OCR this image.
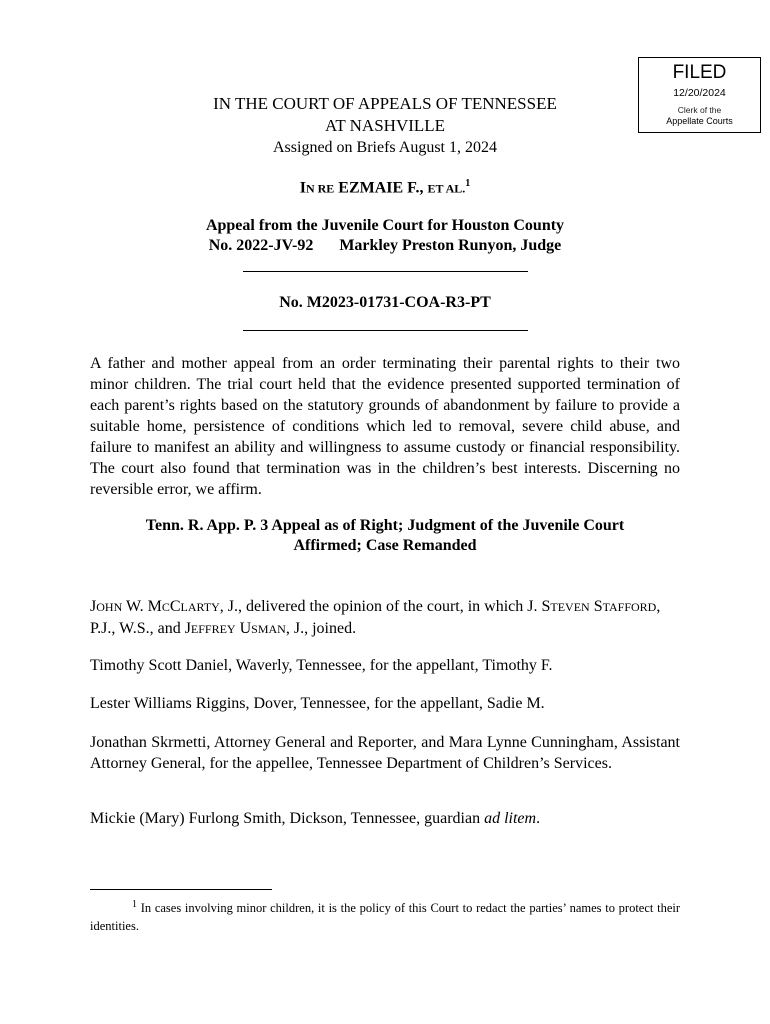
FILED
12/20/2024
Clerk of the
Appellate Courts
IN THE COURT OF APPEALS OF TENNESSEE
AT NASHVILLE
Assigned on Briefs August 1, 2024
IN RE EZMAIE F., ET AL.$^1$
Appeal from the Juvenile Court for Houston County
No. 2022-JV-92 Markley Preston Runyon, Judge
No. M2023-01731-COA-R3-PT
A father and mother appeal from an order terminating their parental rights to their two minor children. The trial court held that the evidence presented supported termination of each parent’s rights based on the statutory grounds of abandonment by failure to provide a suitable home, persistence of conditions which led to removal, severe child abuse, and failure to manifest an ability and willingness to assume custody or financial responsibility. The court also found that termination was in the children’s best interests. Discerning no reversible error, we affirm.
Tenn. R. App. P. 3 Appeal as of Right; Judgment of the Juvenile Court
Affirmed; Case Remanded
JOHN W. MCCLARTY, J., delivered the opinion of the court, in which J. STEVEN STAFFORD,
P.J., W.S., and JEFFREY USMAN, J., joined.
Timothy Scott Daniel, Waverly, Tennessee, for the appellant, Timothy F.
Lester Williams Riggins, Dover, Tennessee, for the appellant, Sadie M.
Jonathan Skrmetti, Attorney General and Reporter, and Mara Lynne Cunningham, Assistant Attorney General, for the appellee, Tennessee Department of Children’s Services.
Mickie (Mary) Furlong Smith, Dickson, Tennessee, guardian ad litem.
$^1$ In cases involving minor children, it is the policy of this Court to redact the parties’ names to protect their identities.
